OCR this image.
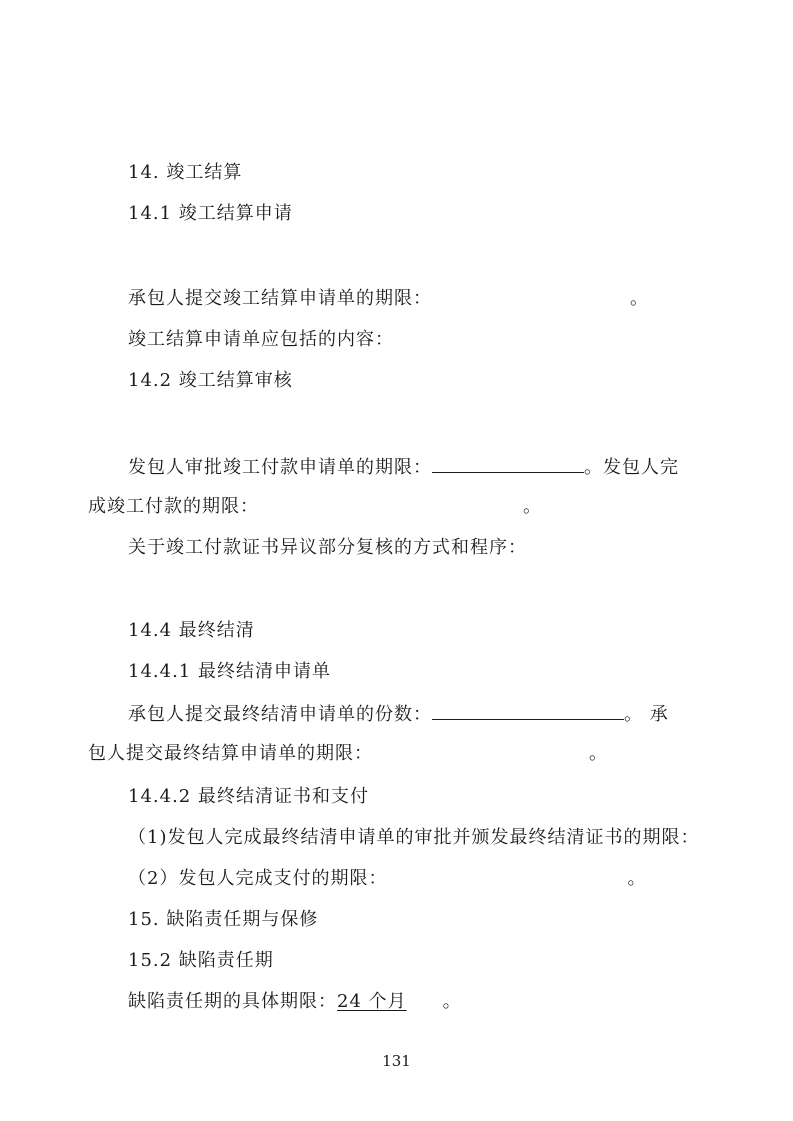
14. 竣工结算
14.1 竣工结算申请
承包人提交竣工结算申请单的期限：	。
竣工结算申请单应包括的内容：
14.2 竣工结算审核
发包人审批竣工付款申请单的期限：	。发包人完
成竣工付款的期限：	。
关于竣工付款证书异议部分复核的方式和程序：
14.4 最终结清
14.4.1 最终结清申请单
承包人提交最终结清申请单的份数：	。 承
包人提交最终结算申请单的期限：	。
14.4.2 最终结清证书和支付
（1)发包人完成最终结清申请单的审批并颁发最终结清证书的期限：
（2）发包人完成支付的期限：	。
15. 缺陷责任期与保修
15.2 缺陷责任期
缺陷责任期的具体期限：24 个月 。
131
